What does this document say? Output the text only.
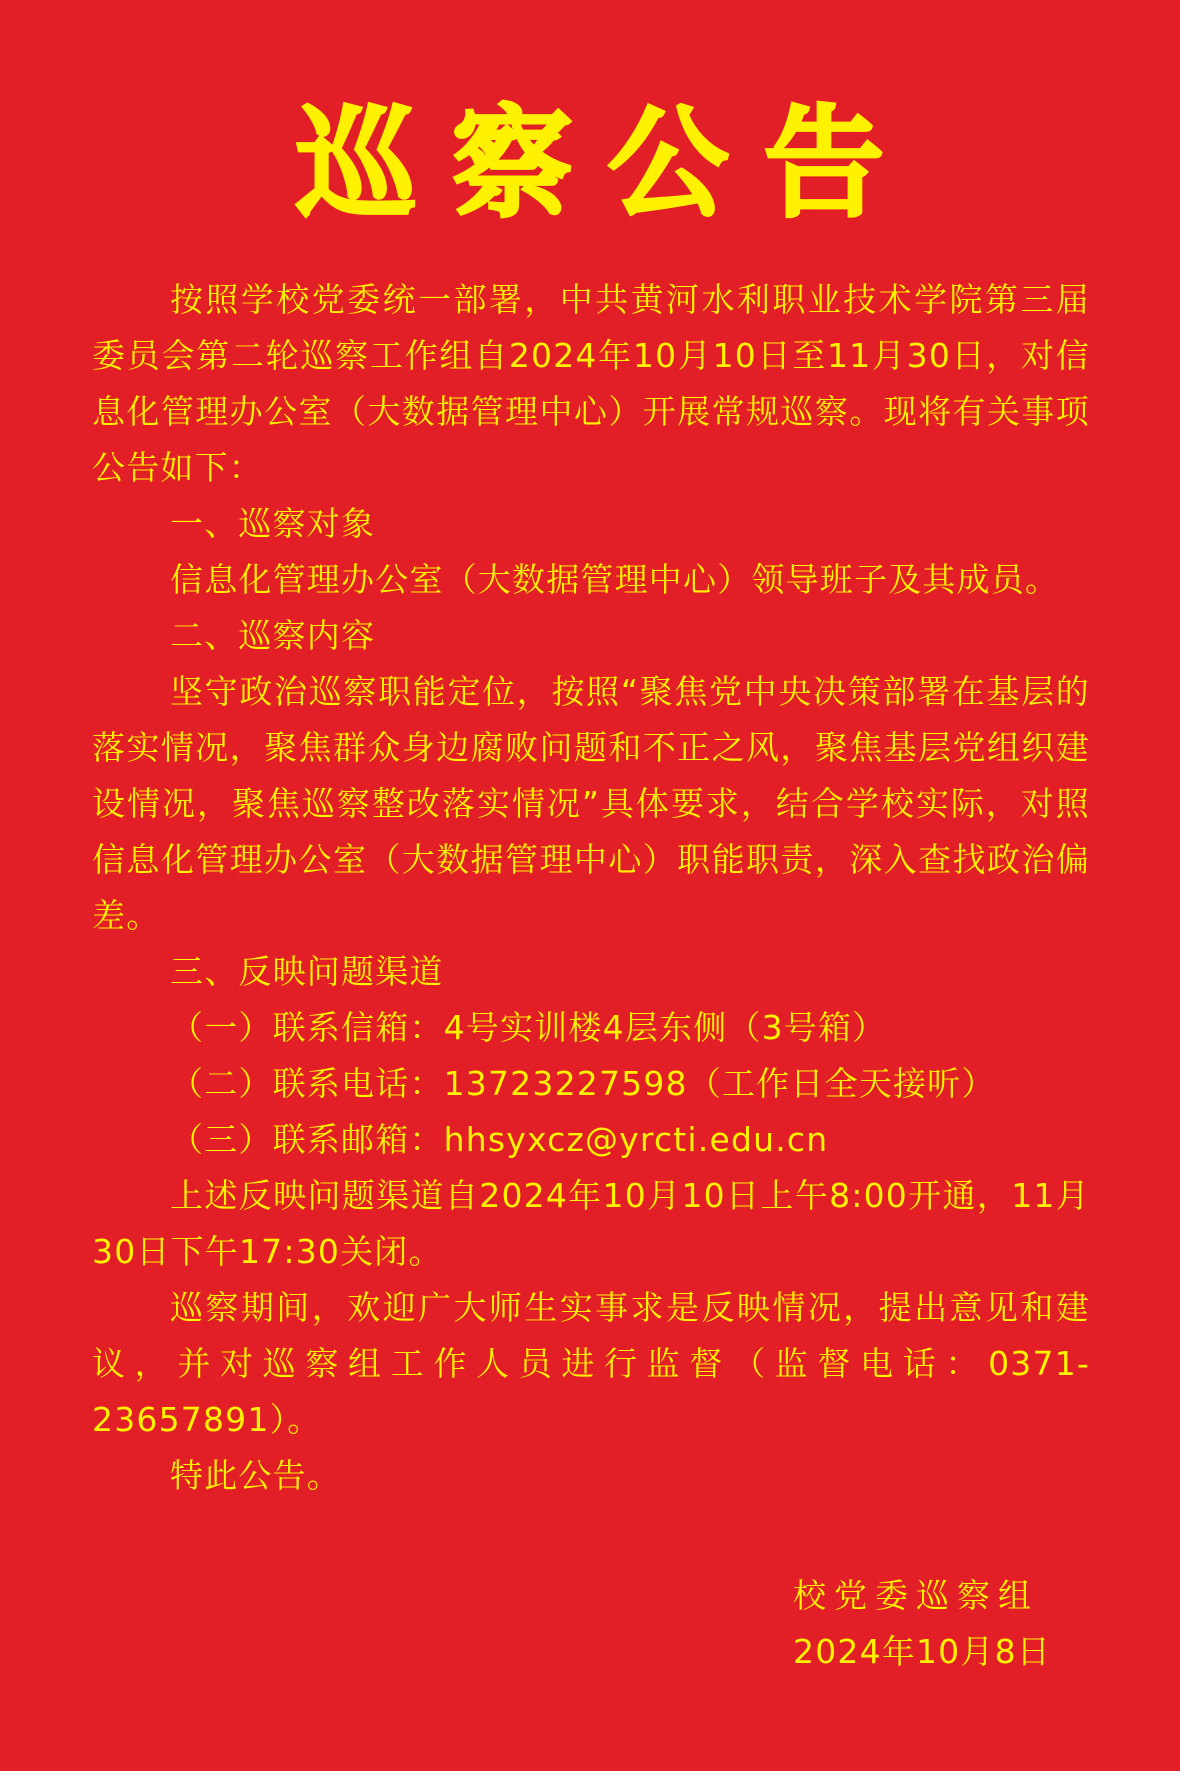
巡察公告

按照学校党委统一部署，中共黄河水利职业技术学院第三届委员会第二轮巡察工作组自2024年10月10日至11月30日，对信息化管理办公室（大数据管理中心）开展常规巡察。现将有关事项公告如下：

一、巡察对象

信息化管理办公室（大数据管理中心）领导班子及其成员。

二、巡察内容

坚守政治巡察职能定位，按照“聚焦党中央决策部署在基层的落实情况，聚焦群众身边腐败问题和不正之风，聚焦基层党组织建设情况，聚焦巡察整改落实情况”具体要求，结合学校实际，对照信息化管理办公室（大数据管理中心）职能职责，深入查找政治偏差。

三、反映问题渠道

（一）联系信箱：4号实训楼4层东侧（3号箱）

（二）联系电话：13723227598（工作日全天接听）

（三）联系邮箱：hhsyxcz@yrcti.edu.cn

上述反映问题渠道自2024年10月10日上午8:00开通，11月30日下午17:30关闭。

巡察期间，欢迎广大师生实事求是反映情况，提出意见和建议，并对巡察组工作人员进行监督（监督电话：0371-23657891）。

特此公告。

校党委巡察组
2024年10月8日
